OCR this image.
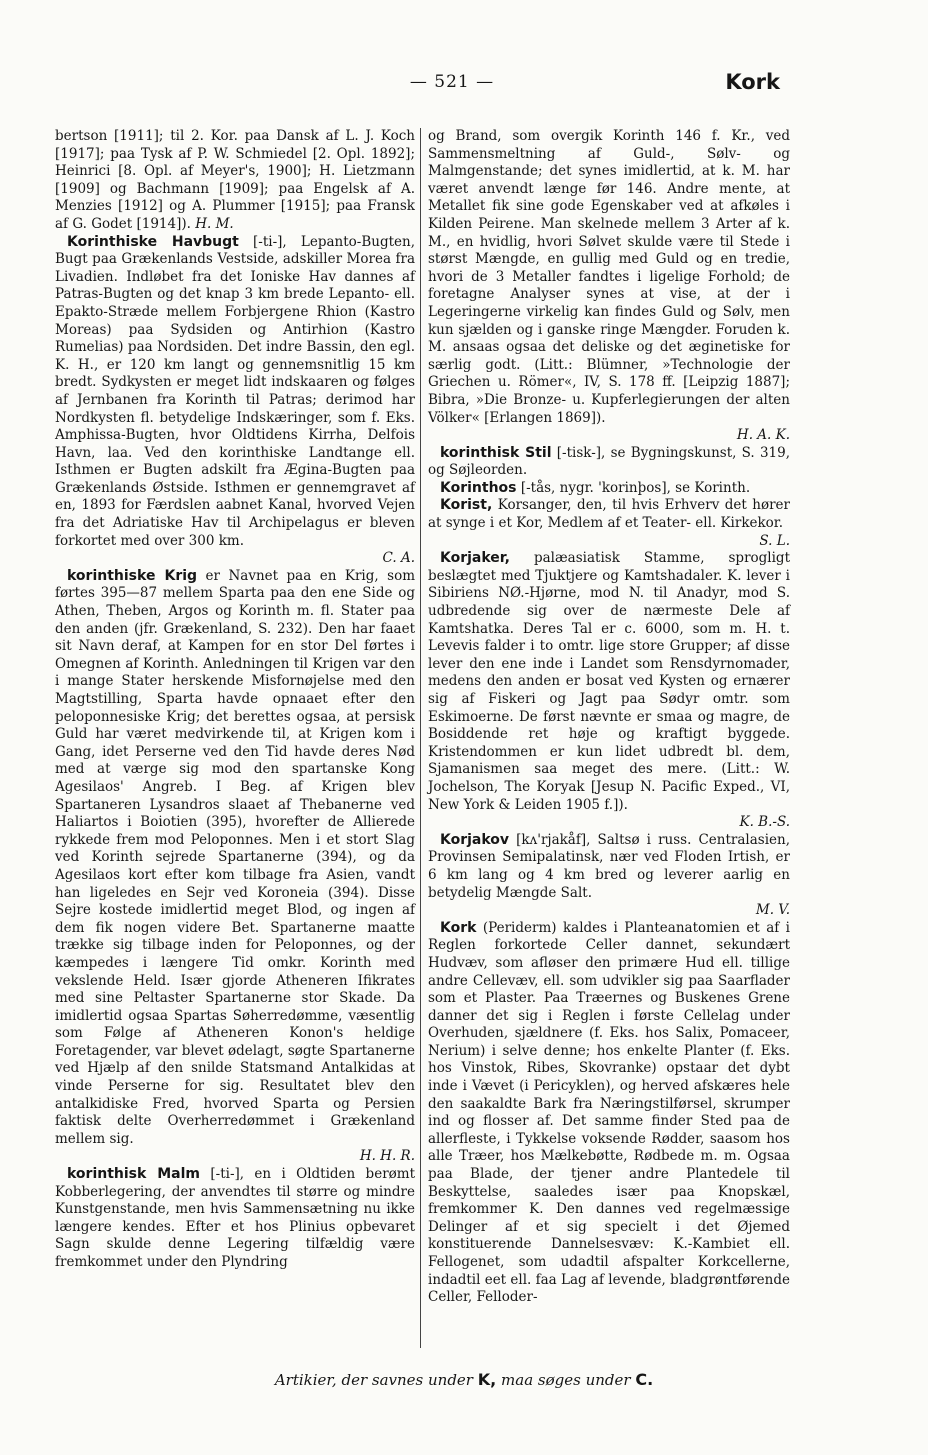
— 521 —	Kork

bertson [1911]; til 2. Kor. paa Dansk af L. J. Koch [1917]; paa Tysk af P. W. Schmiedel [2. Opl. 1892]; Heinrici [8. Opl. af Meyer's, 1900]; H. Lietzmann [1909] og Bachmann [1909]; paa Engelsk af A. Menzies [1912] og A. Plummer [1915]; paa Fransk af G. Godet [1914]). H. M.

Korinthiske Havbugt [-ti-], Lepanto-Bugten, Bugt paa Grækenlands Vestside, adskiller Morea fra Livadien. Indløbet fra det Ioniske Hav dannes af Patras-Bugten og det knap 3 km brede Lepanto- ell. Epakto-Stræde mellem Forbjergene Rhion (Kastro Moreas) paa Sydsiden og Antirhion (Kastro Rumelias) paa Nordsiden. Det indre Bassin, den egl. K. H., er 120 km langt og gennemsnitlig 15 km bredt. Sydkysten er meget lidt indskaaren og følges af Jernbanen fra Korinth til Patras; derimod har Nordkysten fl. betydelige Indskæringer, som f. Eks. Amphissa-Bugten, hvor Oldtidens Kirrha, Delfois Havn, laa. Ved den korinthiske Landtange ell. Isthmen er Bugten adskilt fra Ægina-Bugten paa Grækenlands Østside. Isthmen er gennemgravet af en, 1893 for Færdslen aabnet Kanal, hvorved Vejen fra det Adriatiske Hav til Archipelagus er bleven forkortet med over 300 km.
C. A.

korinthiske Krig er Navnet paa en Krig, som førtes 395—87 mellem Sparta paa den ene Side og Athen, Theben, Argos og Korinth m. fl. Stater paa den anden (jfr. Grækenland, S. 232). Den har faaet sit Navn deraf, at Kampen for en stor Del førtes i Omegnen af Korinth. Anledningen til Krigen var den i mange Stater herskende Misfornøjelse med den Magtstilling, Sparta havde opnaaet efter den peloponnesiske Krig; det berettes ogsaa, at persisk Guld har været medvirkende til, at Krigen kom i Gang, idet Perserne ved den Tid havde deres Nød med at værge sig mod den spartanske Kong Agesilaos' Angreb. I Beg. af Krigen blev Spartaneren Lysandros slaaet af Thebanerne ved Haliartos i Boiotien (395), hvorefter de Allierede rykkede frem mod Peloponnes. Men i et stort Slag ved Korinth sejrede Spartanerne (394), og da Agesilaos kort efter kom tilbage fra Asien, vandt han ligeledes en Sejr ved Koroneia (394). Disse Sejre kostede imidlertid meget Blod, og ingen af dem fik nogen videre Bet. Spartanerne maatte trække sig tilbage inden for Peloponnes, og der kæmpedes i længere Tid omkr. Korinth med vekslende Held. Især gjorde Atheneren Ifikrates med sine Peltaster Spartanerne stor Skade. Da imidlertid ogsaa Spartas Søherredømme, væsentlig som Følge af Atheneren Konon's heldige Foretagender, var blevet ødelagt, søgte Spartanerne ved Hjælp af den snilde Statsmand Antalkidas at vinde Perserne for sig. Resultatet blev den antalkidiske Fred, hvorved Sparta og Persien faktisk delte Overherredømmet i Grækenland mellem sig.
H. H. R.

korinthisk Malm [-ti-], en i Oldtiden berømt Kobberlegering, der anvendtes til større og mindre Kunstgenstande, men hvis Sammensætning nu ikke længere kendes. Efter et hos Plinius opbevaret Sagn skulde denne Legering tilfældig være fremkommet under den Plyndring

og Brand, som overgik Korinth 146 f. Kr., ved Sammensmeltning af Guld-, Sølv- og Malmgenstande; det synes imidlertid, at k. M. har været anvendt længe før 146. Andre mente, at Metallet fik sine gode Egenskaber ved at afkøles i Kilden Peirene. Man skelnede mellem 3 Arter af k. M., en hvidlig, hvori Sølvet skulde være til Stede i størst Mængde, en gullig med Guld og en tredie, hvori de 3 Metaller fandtes i ligelige Forhold; de foretagne Analyser synes at vise, at der i Legeringerne virkelig kan findes Guld og Sølv, men kun sjælden og i ganske ringe Mængder. Foruden k. M. ansaas ogsaa det deliske og det æginetiske for særlig godt. (Litt.: Blümner, »Technologie der Griechen u. Römer«, IV, S. 178 ff. [Leipzig 1887]; Bibra, »Die Bronze- u. Kupferlegierungen der alten Völker« [Erlangen 1869]).
H. A. K.

korinthisk Stil [-tisk-], se Bygningskunst, S. 319, og Søjleorden.

Korinthos [-tås, nygr. 'korinþos], se Korinth.

Korist, Korsanger, den, til hvis Erhverv det hører at synge i et Kor, Medlem af et Teater- ell. Kirkekor.
S. L.

Korjaker, palæasiatisk Stamme, sprogligt beslægtet med Tjuktjere og Kamtshadaler. K. lever i Sibiriens NØ.-Hjørne, mod N. til Anadyr, mod S. udbredende sig over de nærmeste Dele af Kamtshatka. Deres Tal er c. 6000, som m. H. t. Levevis falder i to omtr. lige store Grupper; af disse lever den ene inde i Landet som Rensdyrnomader, medens den anden er bosat ved Kysten og ernærer sig af Fiskeri og Jagt paa Sødyr omtr. som Eskimoerne. De først nævnte er smaa og magre, de Bosiddende ret høje og kraftigt byggede. Kristendommen er kun lidet udbredt bl. dem, Sjamanismen saa meget des mere. (Litt.: W. Jochelson, The Koryak [Jesup N. Pacific Exped., VI, New York & Leiden 1905 f.]).
K. B.-S.

Korjakov [kʌ'rjakåf], Saltsø i russ. Centralasien, Provinsen Semipalatinsk, nær ved Floden Irtish, er 6 km lang og 4 km bred og leverer aarlig en betydelig Mængde Salt.
M. V.

Kork (Periderm) kaldes i Planteanatomien et af i Reglen forkortede Celler dannet, sekundært Hudvæv, som afløser den primære Hud ell. tillige andre Cellevæv, ell. som udvikler sig paa Saarflader som et Plaster. Paa Træernes og Buskenes Grene danner det sig i Reglen i første Cellelag under Overhuden, sjældnere (f. Eks. hos Salix, Pomaceer, Nerium) i selve denne; hos enkelte Planter (f. Eks. hos Vinstok, Ribes, Skovranke) opstaar det dybt inde i Vævet (i Pericyklen), og herved afskæres hele den saakaldte Bark fra Næringstilførsel, skrumper ind og flosser af. Det samme finder Sted paa de allerfleste, i Tykkelse voksende Rødder, saasom hos alle Træer, hos Mælkebøtte, Rødbede m. m. Ogsaa paa Blade, der tjener andre Plantedele til Beskyttelse, saaledes især paa Knopskæl, fremkommer K. Den dannes ved regelmæssige Delinger af et sig specielt i det Øjemed konstituerende Dannelsesvæv: K.-Kambiet ell. Fellogenet, som udadtil afspalter Korkcellerne, indadtil eet ell. faa Lag af levende, bladgrøntførende Celler, Felloder-

Artikier, der savnes under K, maa søges under C.
